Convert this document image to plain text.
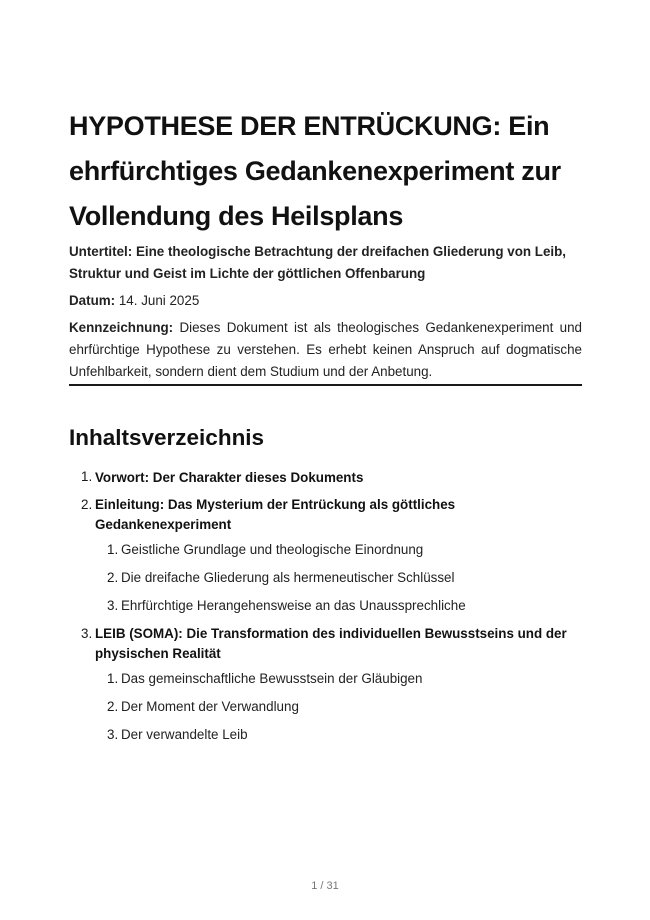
HYPOTHESE DER ENTRÜCKUNG: Ein ehrfürchtiges Gedankenexperiment zur Vollendung des Heilsplans

Untertitel: Eine theologische Betrachtung der dreifachen Gliederung von Leib, Struktur und Geist im Lichte der göttlichen Offenbarung

Datum: 14. Juni 2025

Kennzeichnung: Dieses Dokument ist als theologisches Gedankenexperiment und ehrfürchtige Hypothese zu verstehen. Es erhebt keinen Anspruch auf dogmatische Unfehlbarkeit, sondern dient dem Studium und der Anbetung.

Inhaltsverzeichnis
1. Vorwort: Der Charakter dieses Dokuments
2. Einleitung: Das Mysterium der Entrückung als göttliches Gedankenexperiment
1. Geistliche Grundlage und theologische Einordnung
2. Die dreifache Gliederung als hermeneutischer Schlüssel
3. Ehrfürchtige Herangehensweise an das Unaussprechliche
3. LEIB (SOMA): Die Transformation des individuellen Bewusstseins und der physischen Realität
1. Das gemeinschaftliche Bewusstsein der Gläubigen
2. Der Moment der Verwandlung
3. Der verwandelte Leib
1 / 31
